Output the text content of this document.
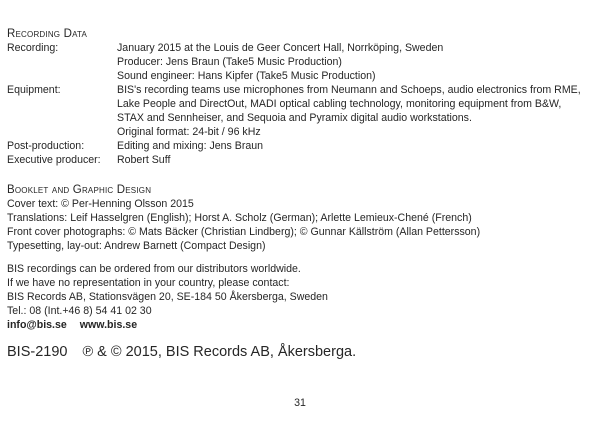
Recording Data
Recording:	January 2015 at the Louis de Geer Concert Hall, Norrköping, Sweden
Producer: Jens Braun (Take5 Music Production)
Sound engineer: Hans Kipfer (Take5 Music Production)
Equipment:	BIS's recording teams use microphones from Neumann and Schoeps, audio electronics from RME,
Lake People and DirectOut, MADI optical cabling technology, monitoring equipment from B&W,
STAX and Sennheiser, and Sequoia and Pyramix digital audio workstations.
Original format: 24-bit / 96 kHz
Post-production:	Editing and mixing: Jens Braun
Executive producer:	Robert Suff
Booklet and Graphic Design
Cover text: © Per-Henning Olsson 2015
Translations: Leif Hasselgren (English); Horst A. Scholz (German); Arlette Lemieux-Chené (French)
Front cover photographs: © Mats Bäcker (Christian Lindberg); © Gunnar Källström (Allan Pettersson)
Typesetting, lay-out: Andrew Barnett (Compact Design)
BIS recordings can be ordered from our distributors worldwide.
If we have no representation in your country, please contact:
BIS Records AB, Stationsvägen 20, SE-184 50 Åkersberga, Sweden
Tel.: 08 (Int.+46 8) 54 41 02 30
info@bis.se www.bis.se
BIS-2190 ℗ & © 2015, BIS Records AB, Åkersberga.
31
